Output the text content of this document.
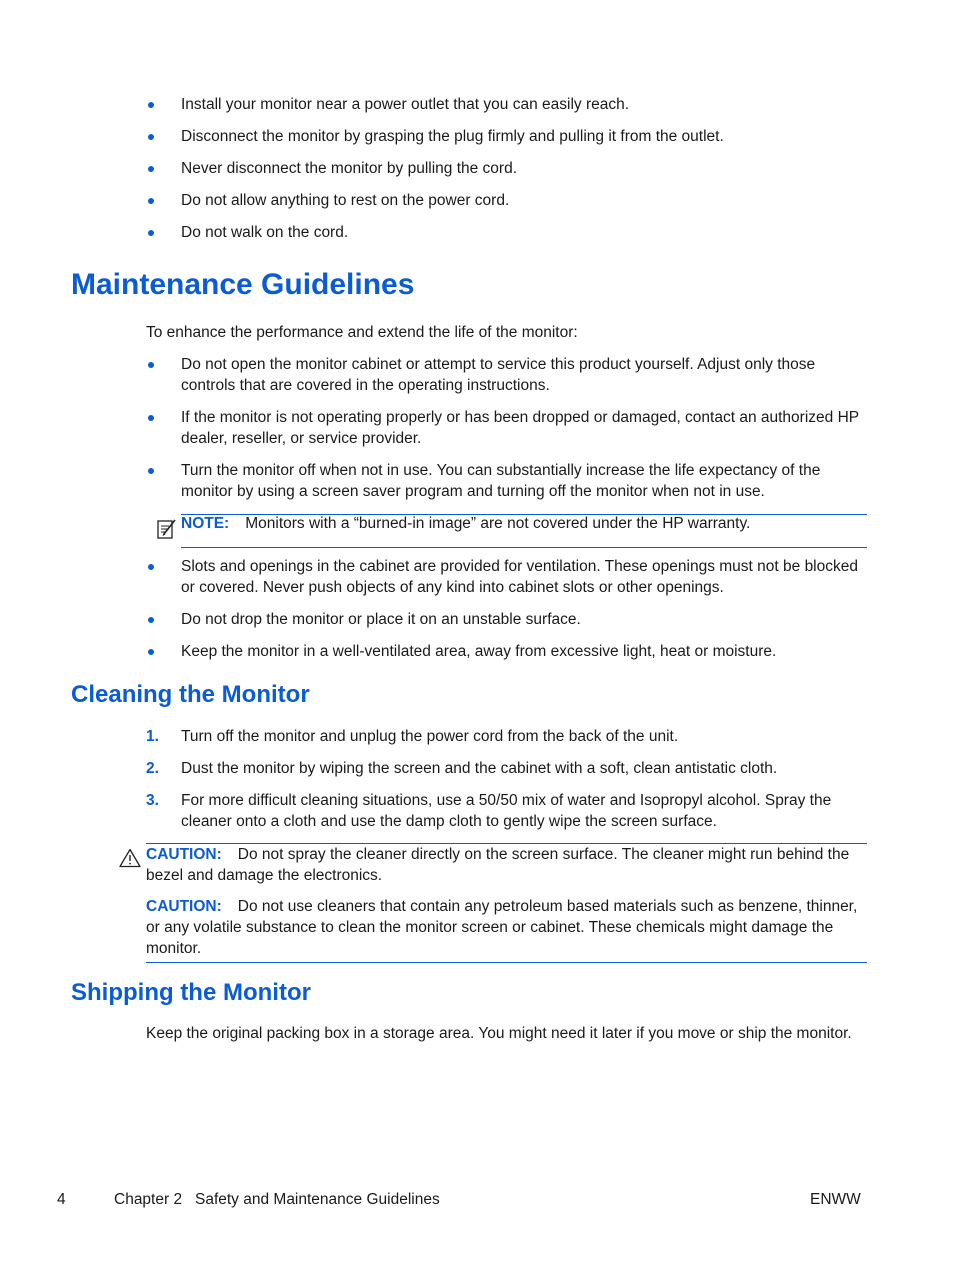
Install your monitor near a power outlet that you can easily reach.
Disconnect the monitor by grasping the plug firmly and pulling it from the outlet.
Never disconnect the monitor by pulling the cord.
Do not allow anything to rest on the power cord.
Do not walk on the cord.
Maintenance Guidelines

To enhance the performance and extend the life of the monitor:

Do not open the monitor cabinet or attempt to service this product yourself. Adjust only those controls that are covered in the operating instructions.
If the monitor is not operating properly or has been dropped or damaged, contact an authorized HP dealer, reseller, or service provider.
Turn the monitor off when not in use. You can substantially increase the life expectancy of the monitor by using a screen saver program and turning off the monitor when not in use.
NOTE: Monitors with a “burned-in image” are not covered under the HP warranty.
Slots and openings in the cabinet are provided for ventilation. These openings must not be blocked or covered. Never push objects of any kind into cabinet slots or other openings.
Do not drop the monitor or place it on an unstable surface.
Keep the monitor in a well-ventilated area, away from excessive light, heat or moisture.
Cleaning the Monitor
1. Turn off the monitor and unplug the power cord from the back of the unit.
2. Dust the monitor by wiping the screen and the cabinet with a soft, clean antistatic cloth.
3. For more difficult cleaning situations, use a 50/50 mix of water and Isopropyl alcohol. Spray the cleaner onto a cloth and use the damp cloth to gently wipe the screen surface.

CAUTION: Do not spray the cleaner directly on the screen surface. The cleaner might run behind the bezel and damage the electronics.

CAUTION: Do not use cleaners that contain any petroleum based materials such as benzene, thinner, or any volatile substance to clean the monitor screen or cabinet. These chemicals might damage the monitor.

Shipping the Monitor

Keep the original packing box in a storage area. You might need it later if you move or ship the monitor.

4	Chapter 2   Safety and Maintenance Guidelines	ENWW
